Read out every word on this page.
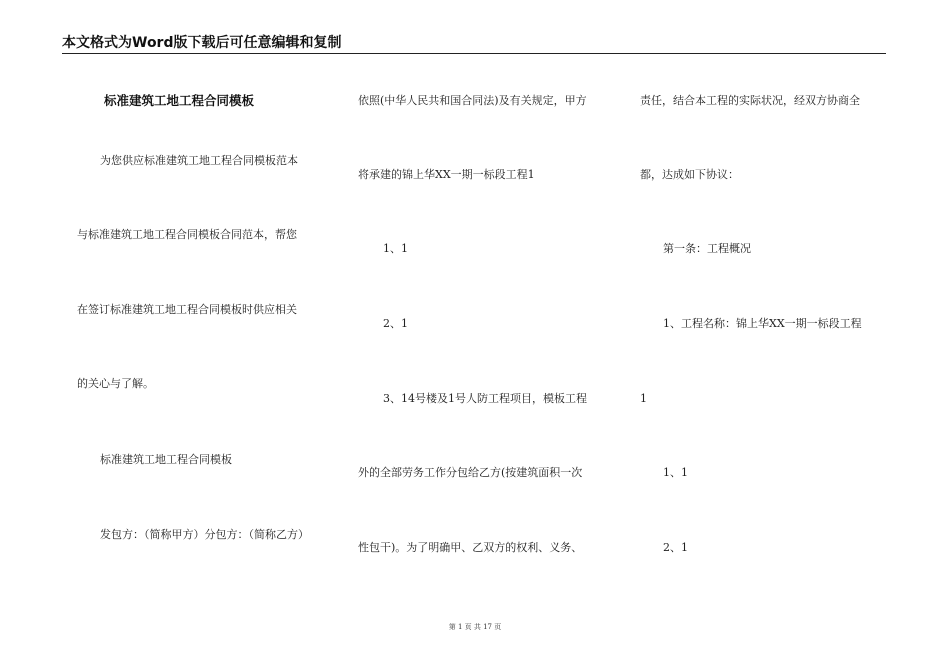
本文格式为Word版下载后可任意编辑和复制
标准建筑工地工程合同模板
为您供应标准建筑工地工程合同模板范本
与标准建筑工地工程合同模板合同范本，帮您
在签订标准建筑工地工程合同模板时供应相关
的关心与了解。
标准建筑工地工程合同模板
发包方：（简称甲方）分包方：（简称乙方）
依照(中华人民共和国合同法)及有关规定，甲方
将承建的锦上华XX一期一标段工程1
1、1
2、1
3、14号楼及1号人防工程项目，模板工程
外的全部劳务工作分包给乙方(按建筑面积一次
性包干)。为了明确甲、乙双方的权利、义务、
责任，结合本工程的实际状况，经双方协商全
都，达成如下协议：
第一条：工程概况
1、工程名称：锦上华XX一期一标段工程
1
1、1
2、1
第 1 页 共 17 页
